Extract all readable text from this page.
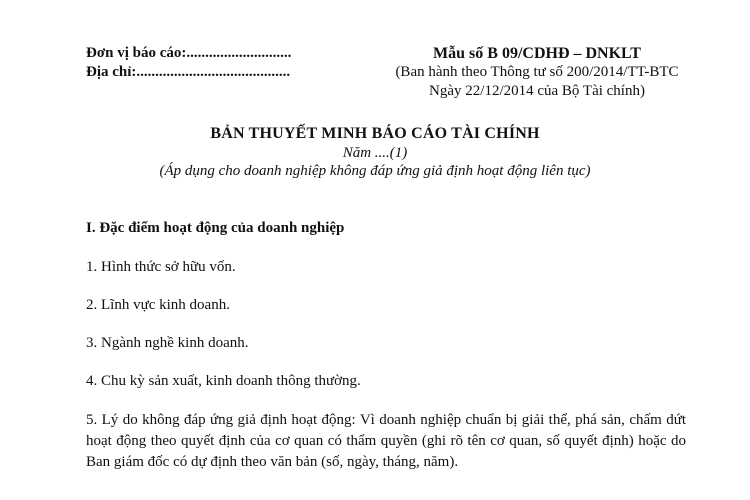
Đơn vị báo cáo:............................
Địa chỉ:.........................................
Mẫu số B 09/CDHĐ – DNKLT
(Ban hành theo Thông tư số 200/2014/TT-BTC
Ngày 22/12/2014 của Bộ Tài chính)
BẢN THUYẾT MINH BÁO CÁO TÀI CHÍNH
Năm ....(1)
(Áp dụng cho doanh nghiệp không đáp ứng giả định hoạt động liên tục)
I. Đặc điểm hoạt động của doanh nghiệp
1. Hình thức sở hữu vốn.
2. Lĩnh vực kinh doanh.
3. Ngành nghề kinh doanh.
4. Chu kỳ sản xuất, kinh doanh thông thường.
5. Lý do không đáp ứng giả định hoạt động: Vì doanh nghiệp chuẩn bị giải thể, phá sản, chấm dứt hoạt động theo quyết định của cơ quan có thẩm quyền (ghi rõ tên cơ quan, số quyết định) hoặc do Ban giám đốc có dự định theo văn bản (số, ngày, tháng, năm).
